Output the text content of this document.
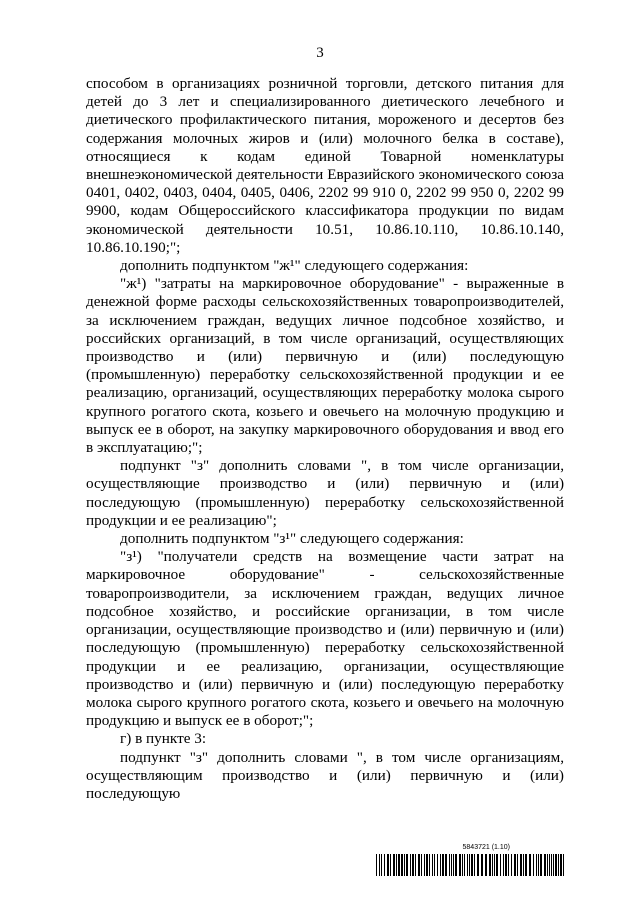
3

способом в организациях розничной торговли, детского питания для детей до 3 лет и специализированного диетического лечебного и диетического профилактического питания, мороженого и десертов без содержания молочных жиров и (или) молочного белка в составе), относящиеся к кодам единой Товарной номенклатуры внешнеэкономической деятельности Евразийского экономического союза 0401, 0402, 0403, 0404, 0405, 0406, 2202 99 910 0, 2202 99 950 0, 2202 99 9900, кодам Общероссийского классификатора продукции по видам экономической деятельности 10.51, 10.86.10.110, 10.86.10.140, 10.86.10.190;";

дополнить подпунктом "ж¹" следующего содержания:

"ж¹) "затраты на маркировочное оборудование" - выраженные в денежной форме расходы сельскохозяйственных товаропроизводителей, за исключением граждан, ведущих личное подсобное хозяйство, и российских организаций, в том числе организаций, осуществляющих производство и (или) первичную и (или) последующую (промышленную) переработку сельскохозяйственной продукции и ее реализацию, организаций, осуществляющих переработку молока сырого крупного рогатого скота, козьего и овечьего на молочную продукцию и выпуск ее в оборот, на закупку маркировочного оборудования и ввод его в эксплуатацию;";

подпункт "з" дополнить словами ", в том числе организации, осуществляющие производство и (или) первичную и (или) последующую (промышленную) переработку сельскохозяйственной продукции и ее реализацию";

дополнить подпунктом "з¹" следующего содержания:

"з¹) "получатели средств на возмещение части затрат на маркировочное оборудование" - сельскохозяйственные товаропроизводители, за исключением граждан, ведущих личное подсобное хозяйство, и российские организации, в том числе организации, осуществляющие производство и (или) первичную и (или) последующую (промышленную) переработку сельскохозяйственной продукции и ее реализацию, организации, осуществляющие производство и (или) первичную и (или) последующую переработку молока сырого крупного рогатого скота, козьего и овечьего на молочную продукцию и выпуск ее в оборот;";

г) в пункте 3:

подпункт "з" дополнить словами ", в том числе организациям, осуществляющим производство и (или) первичную и (или) последующую

5843721 (1.10)
